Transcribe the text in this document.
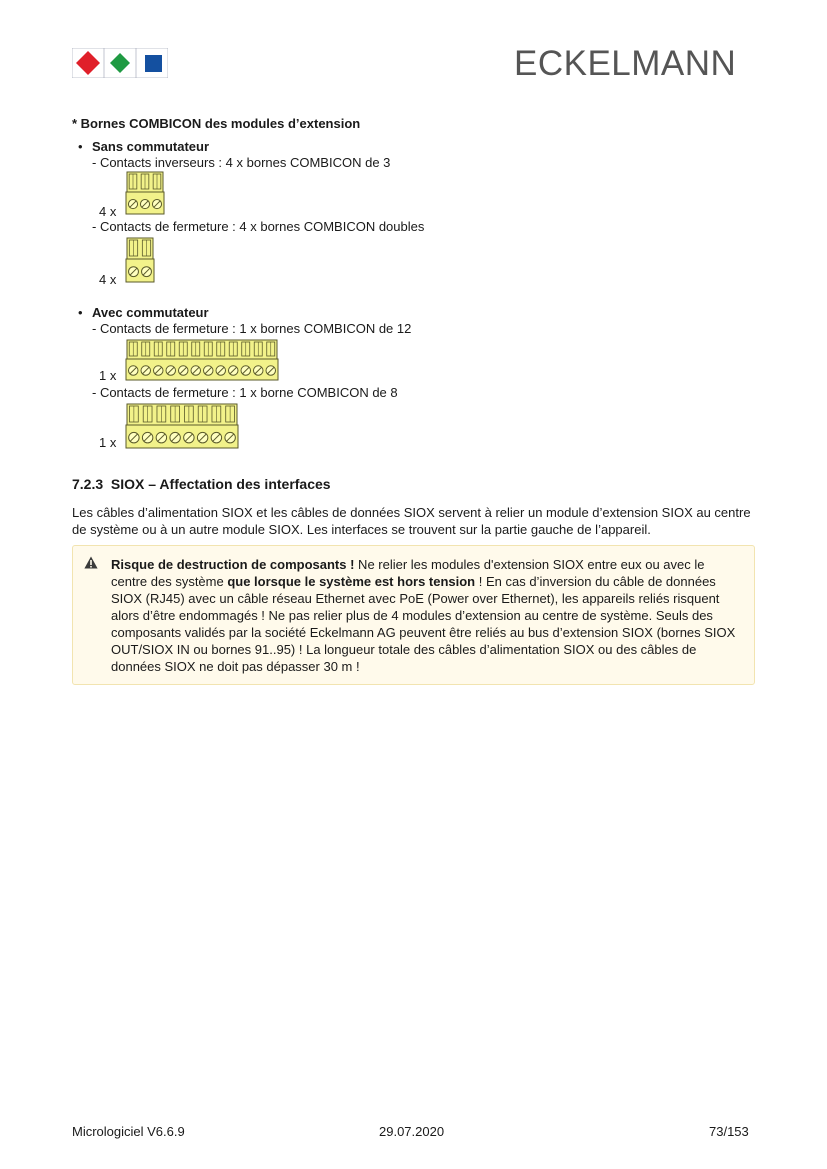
ECKELMANN
* Bornes COMBICON des modules d’extension
• Sans commutateur
- Contacts inverseurs : 4 x bornes COMBICON de 3
4 x
- Contacts de fermeture : 4 x bornes COMBICON doubles
4 x
• Avec commutateur
- Contacts de fermeture : 1 x bornes COMBICON de 12
1 x
- Contacts de fermeture : 1 x borne COMBICON de 8
1 x
7.2.3 SIOX – Affectation des interfaces
Les câbles d’alimentation SIOX et les câbles de données SIOX servent à relier un module d’extension SIOX au centre de système ou à un autre module SIOX. Les interfaces se trouvent sur la partie gauche de l’appareil.
Risque de destruction de composants ! Ne relier les modules d'extension SIOX entre eux ou avec le centre des système que lorsque le système est hors tension ! En cas d’inversion du câble de données SIOX (RJ45) avec un câble réseau Ethernet avec PoE (Power over Ethernet), les appareils reliés risquent alors d’être endommagés ! Ne pas relier plus de 4 modules d’extension au centre de système. Seuls des composants validés par la société Eckelmann AG peuvent être reliés au bus d’extension SIOX (bornes SIOX OUT/SIOX IN ou bornes 91..95) ! La longueur totale des câbles d’alimentation SIOX ou des câbles de données SIOX ne doit pas dépasser 30 m !
Micrologiciel V6.6.9	29.07.2020	73/153
